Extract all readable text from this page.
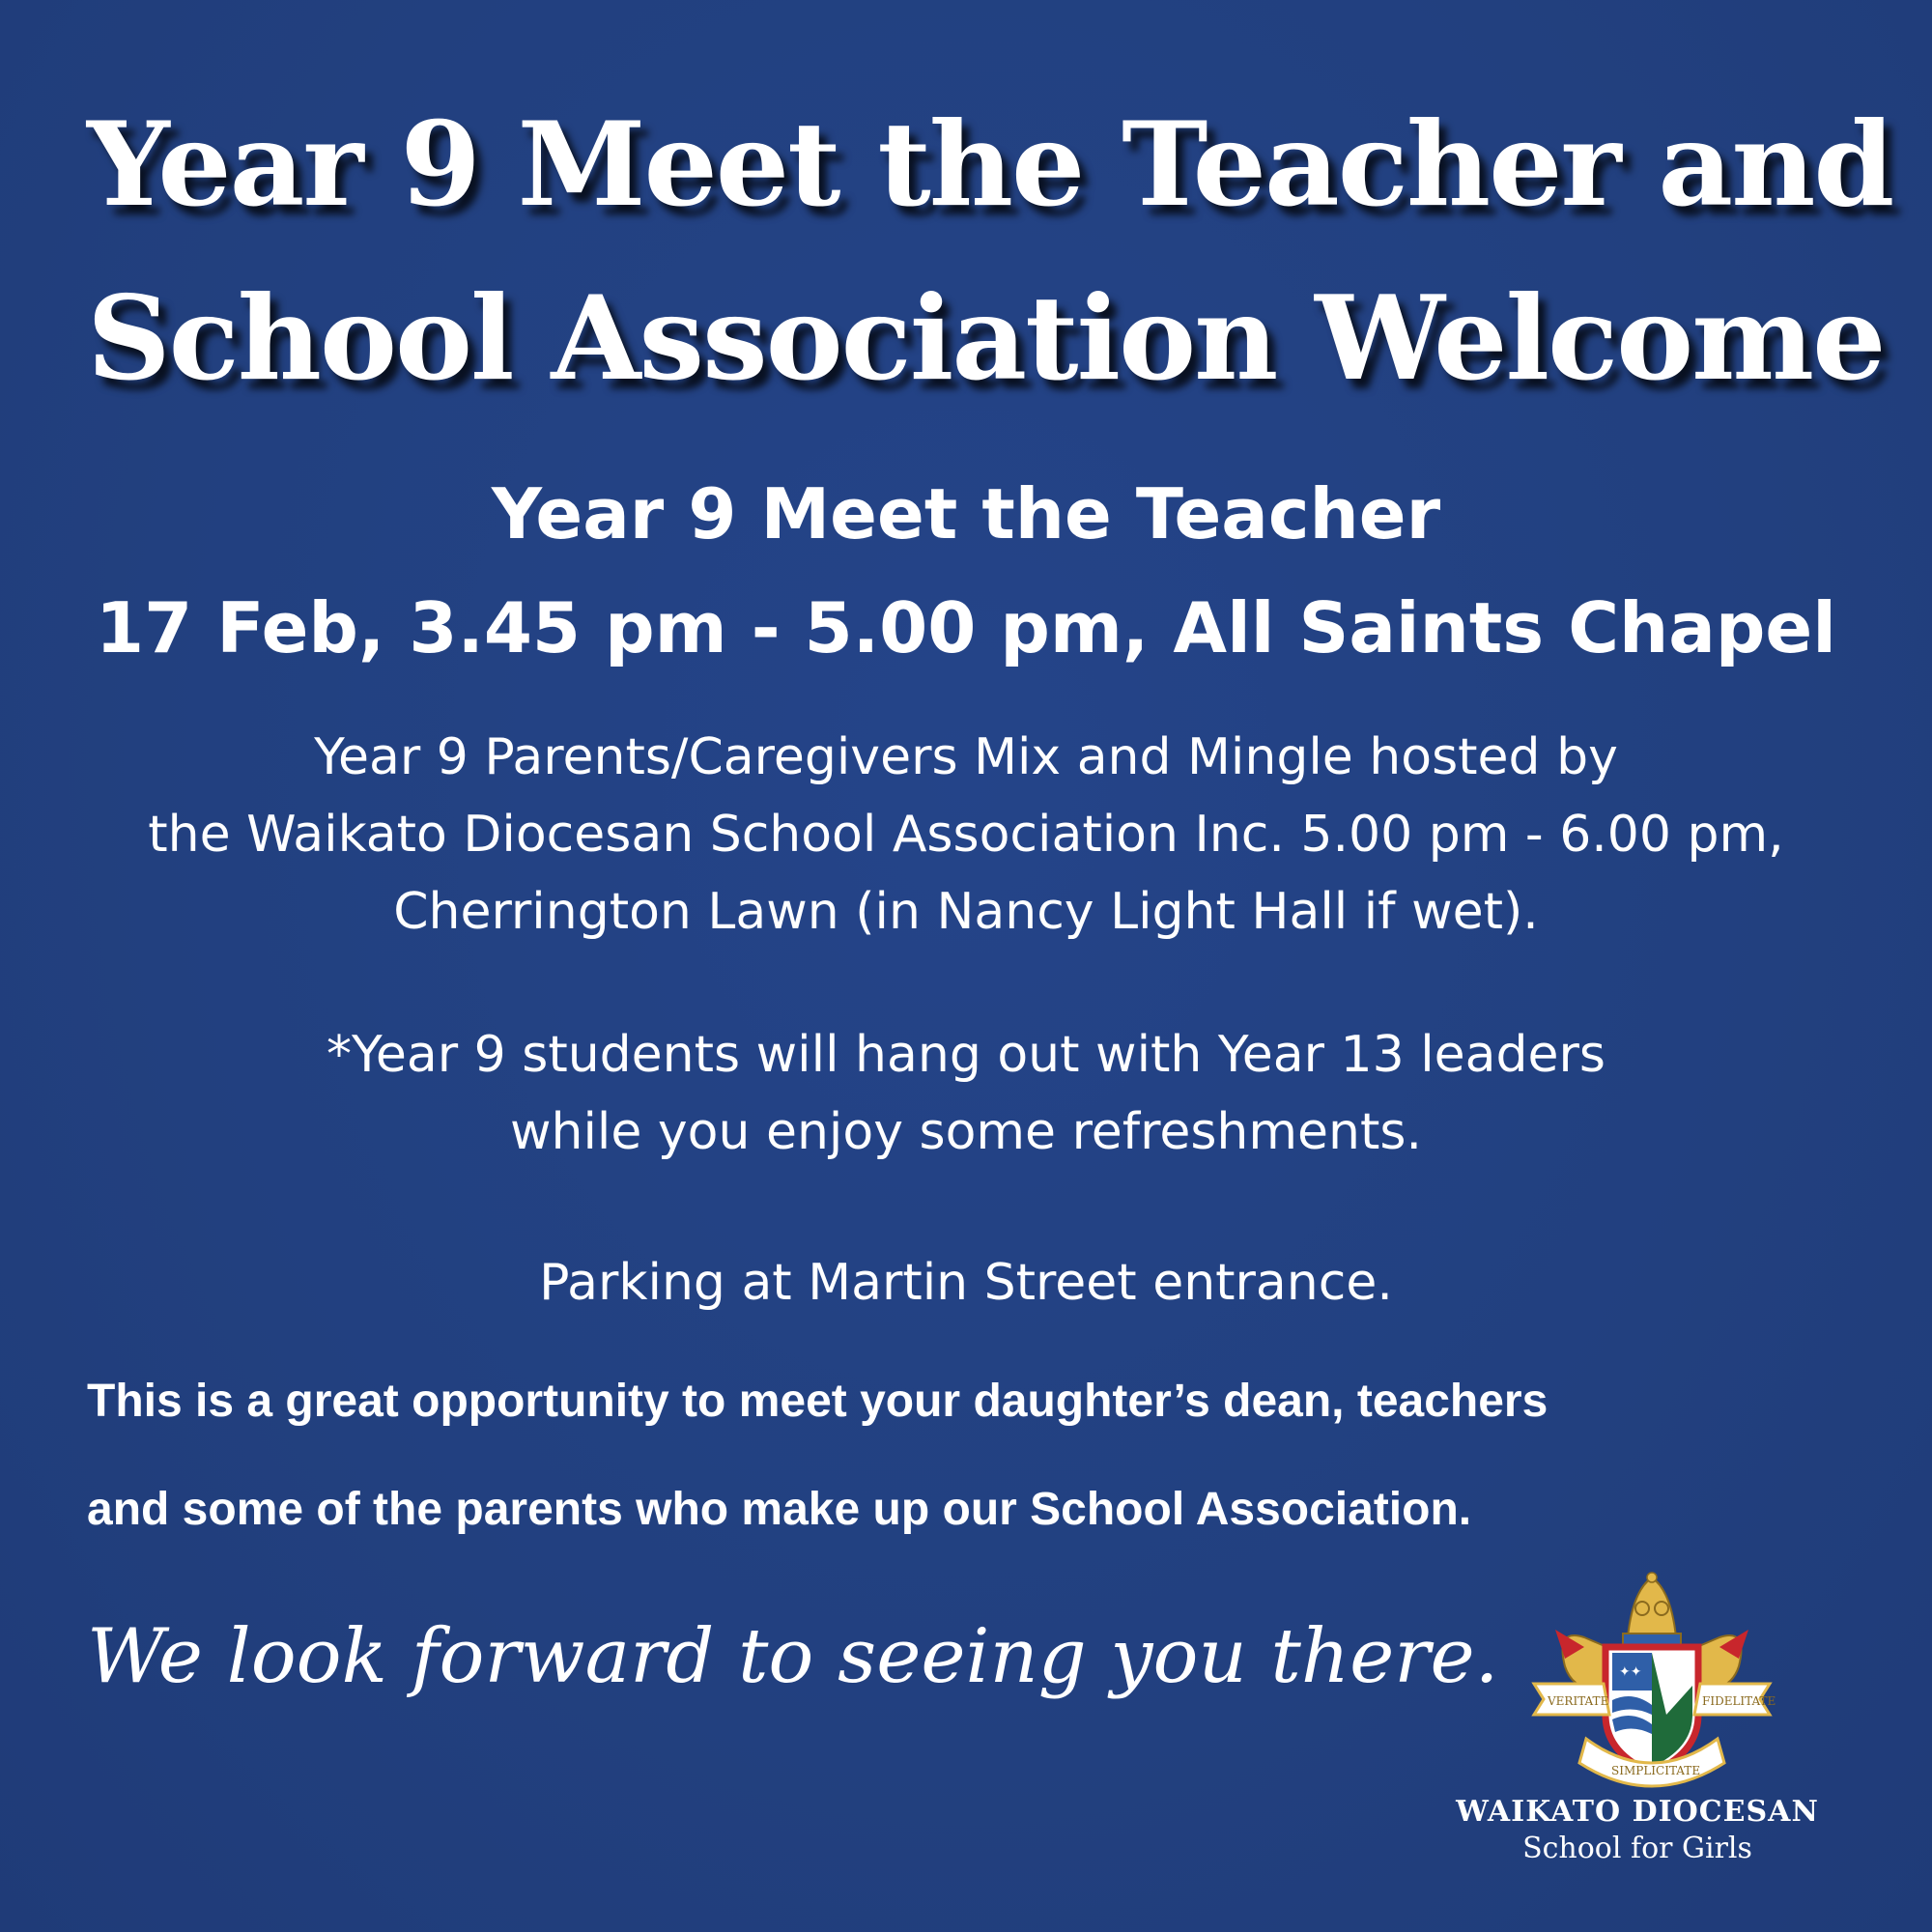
Year 9 Meet the Teacher and
School Association Welcome
Year 9 Meet the Teacher
17 Feb, 3.45 pm - 5.00 pm, All Saints Chapel
Year 9 Parents/Caregivers Mix and Mingle hosted by
the Waikato Diocesan School Association Inc. 5.00 pm - 6.00 pm,
Cherrington Lawn (in Nancy Light Hall if wet).
*Year 9 students will hang out with Year 13 leaders
while you enjoy some refreshments.
Parking at Martin Street entrance.
This is a great opportunity to meet your daughter’s dean, teachers
and some of the parents who make up our School Association.
We look forward to seeing you there.	✦✦
VERITATE	FIDELITATE
SIMPLICITATE
WAIKATO DIOCESAN
School for Girls
